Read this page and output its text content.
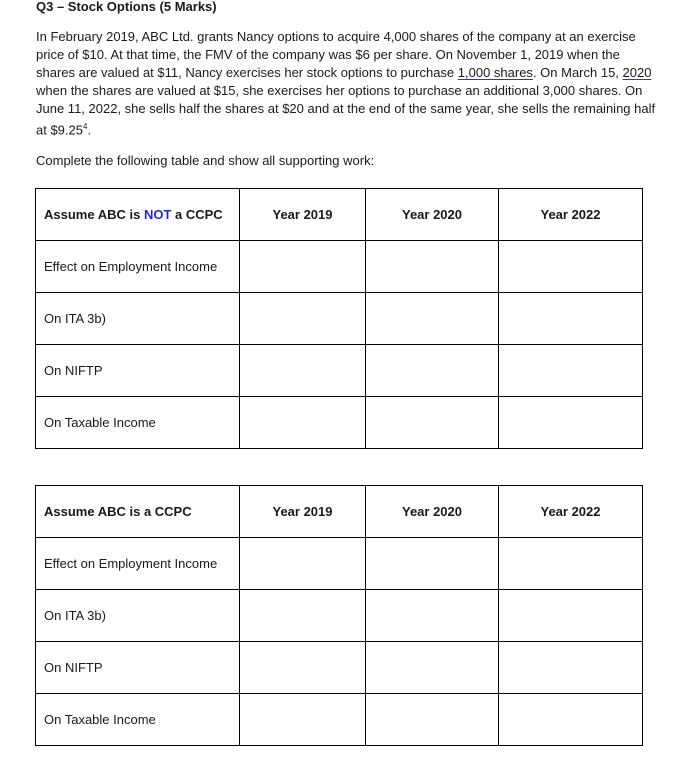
Q3 – Stock Options (5 Marks)
In February 2019, ABC Ltd. grants Nancy options to acquire 4,000 shares of the company at an exercise price of $10. At that time, the FMV of the company was $6 per share. On November 1, 2019 when the shares are valued at $11, Nancy exercises her stock options to purchase 1,000 shares. On March 15, 2020 when the shares are valued at $15, she exercises her options to purchase an additional 3,000 shares. On June 11, 2022, she sells half the shares at $20 and at the end of the same year, she sells the remaining half at $9.25$^4$.
Complete the following table and show all supporting work:
Assume ABC is NOT a CCPC	Year 2019	Year 2020	Year 2022
Effect on Employment Income			
On ITA 3b)			
On NIFTP			
On Taxable Income			
Assume ABC is a CCPC	Year 2019	Year 2020	Year 2022
Effect on Employment Income			
On ITA 3b)			
On NIFTP			
On Taxable Income			
